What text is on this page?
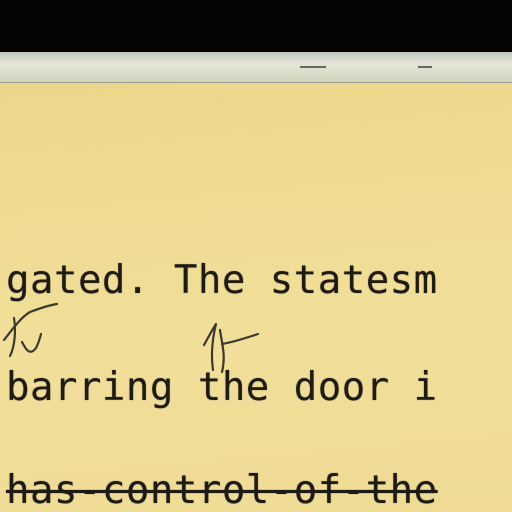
gated. The statesm
barring the door i
has-control-of-the
